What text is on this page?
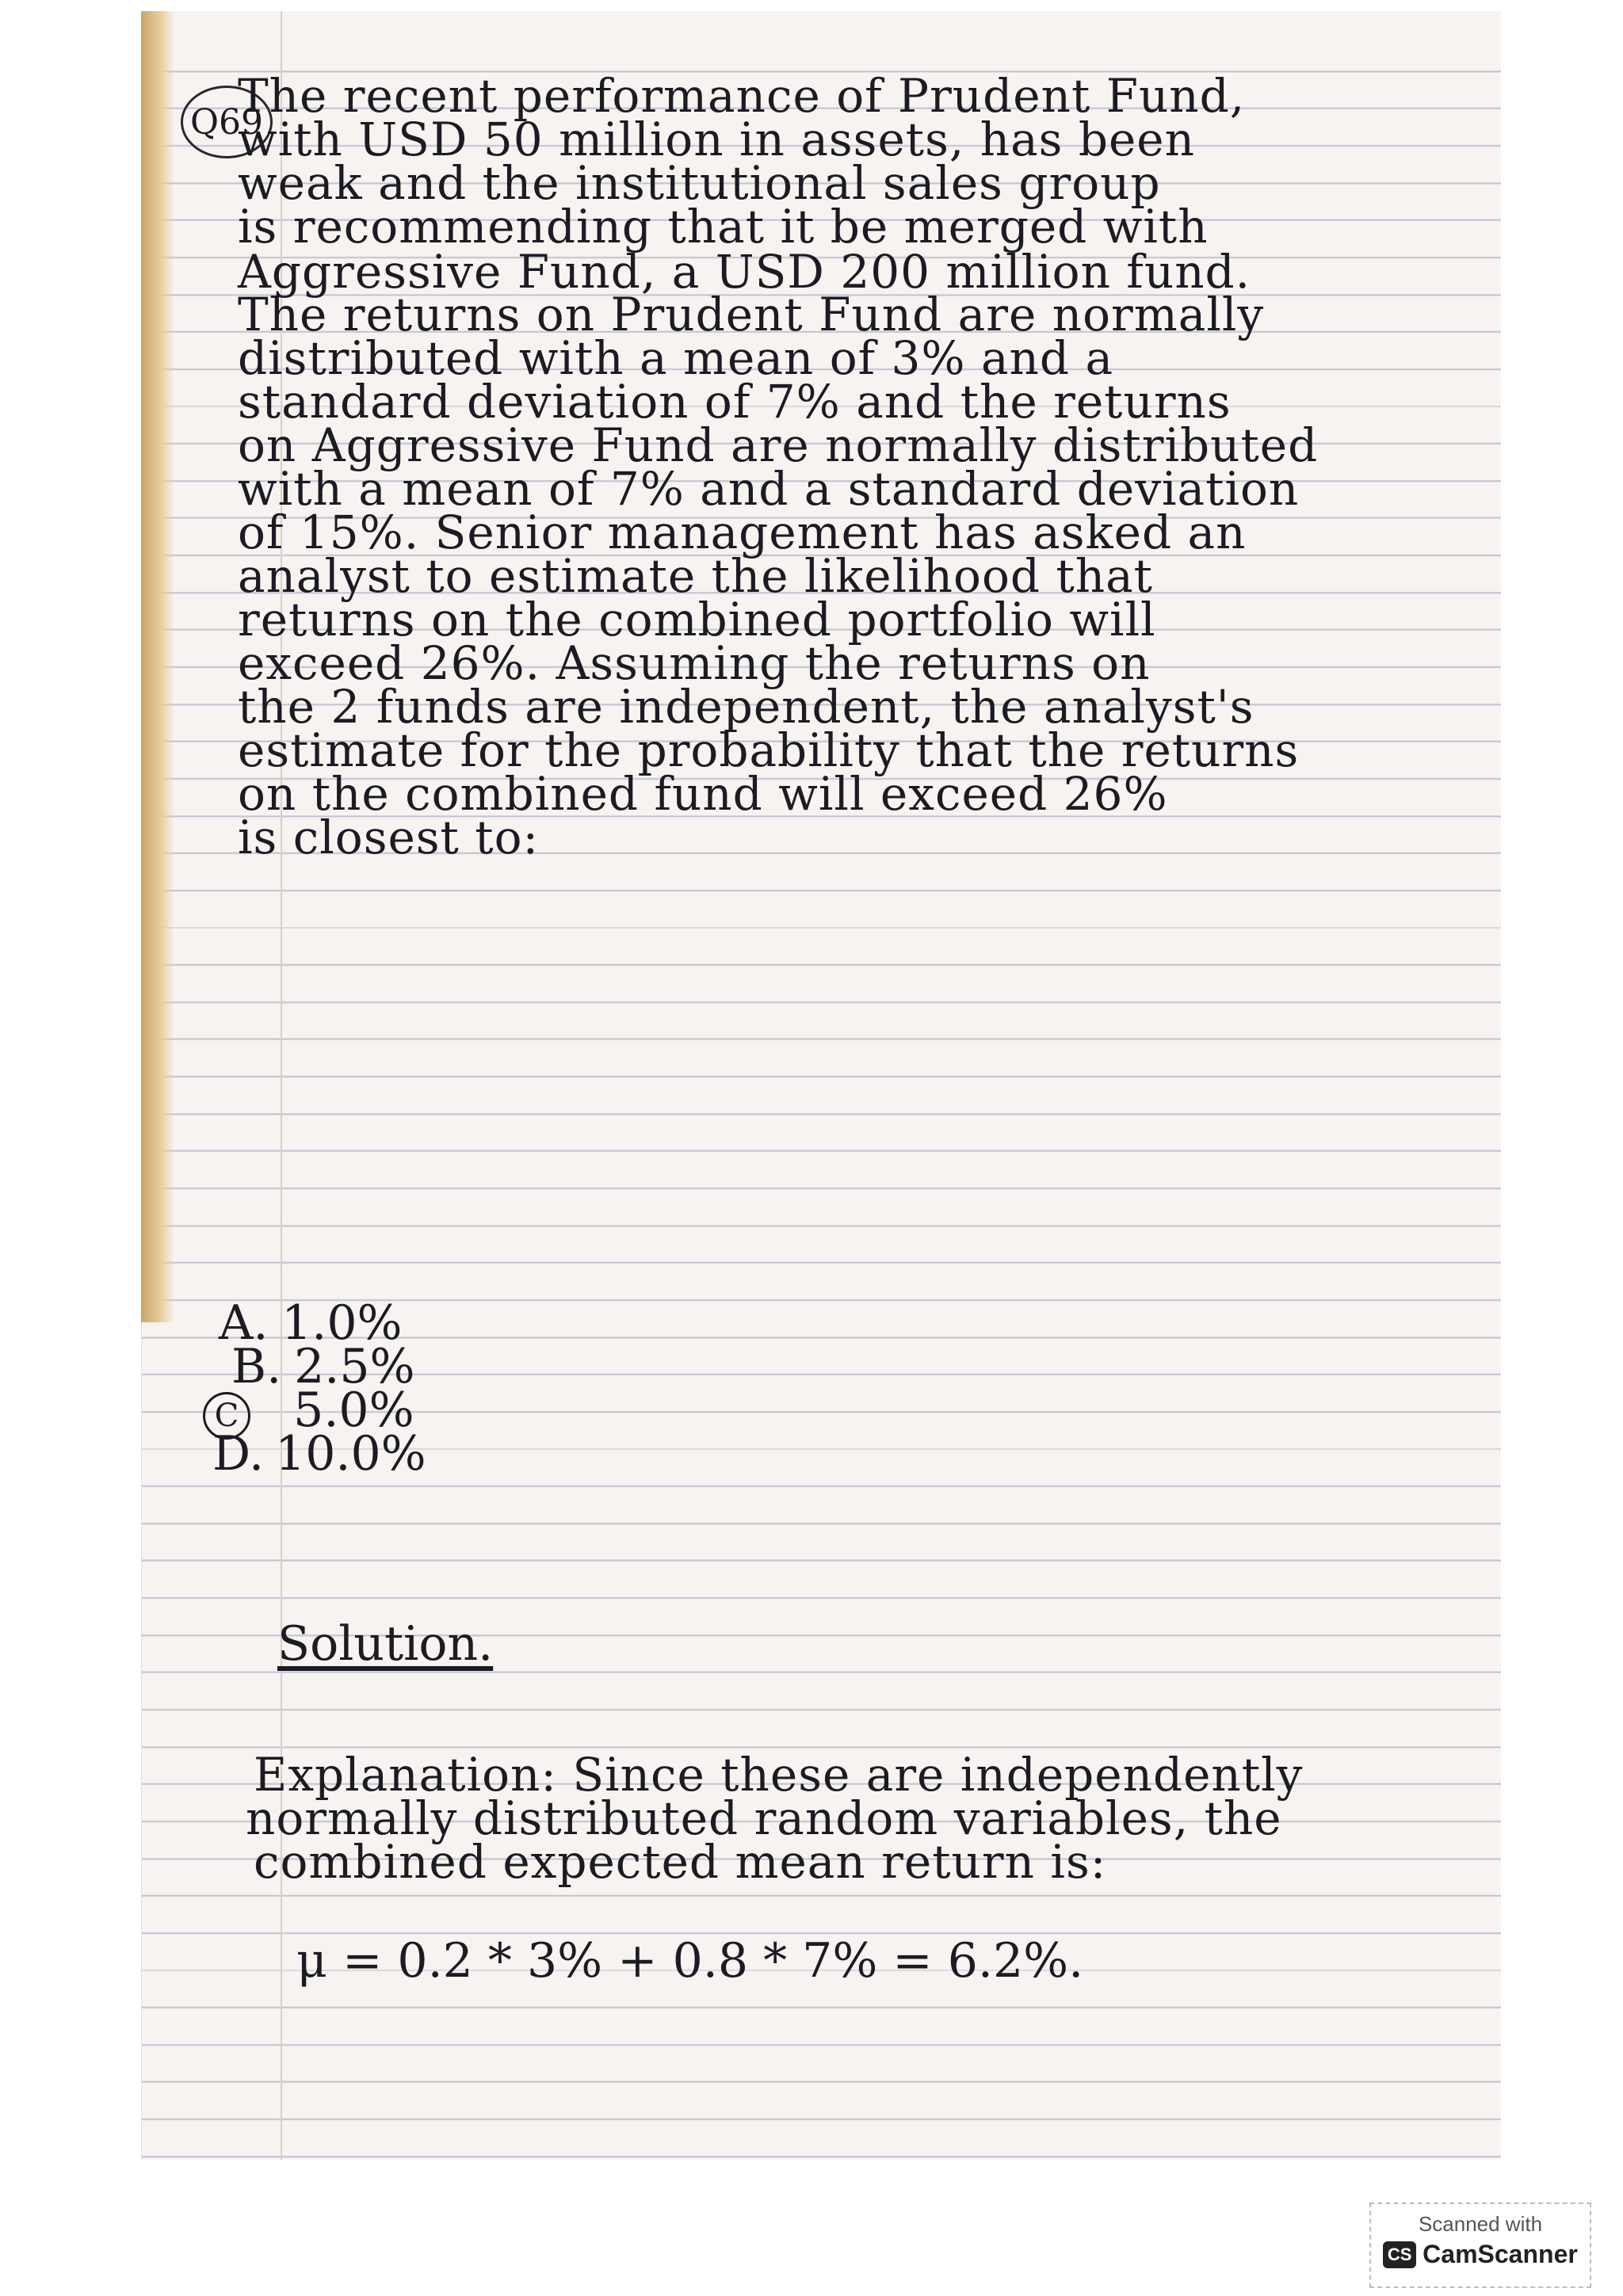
Q69
The recent performance of Prudent Fund,
with USD 50 million in assets, has been
weak and the institutional sales group
is recommending that it be merged with
Aggressive Fund, a USD 200 million fund.
The returns on Prudent Fund are normally
distributed with a mean of 3% and a
standard deviation of 7% and the returns
on Aggressive Fund are normally distributed
with a mean of 7% and a standard deviation
of 15%. Senior management has asked an
analyst to estimate the likelihood that
returns on the combined portfolio will
exceed 26%. Assuming the returns on
the 2 funds are independent, the analyst's
estimate for the probability that the returns
on the combined fund will exceed 26%
is closest to:
A. 1.0%
B. 2.5%
C 5.0%
D. 10.0%
Solution.
Explanation: Since these are independently
normally distributed random variables, the
combined expected mean return is:
μ = 0.2 * 3% + 0.8 * 7% = 6.2%.
Scanned with
CS CamScanner
